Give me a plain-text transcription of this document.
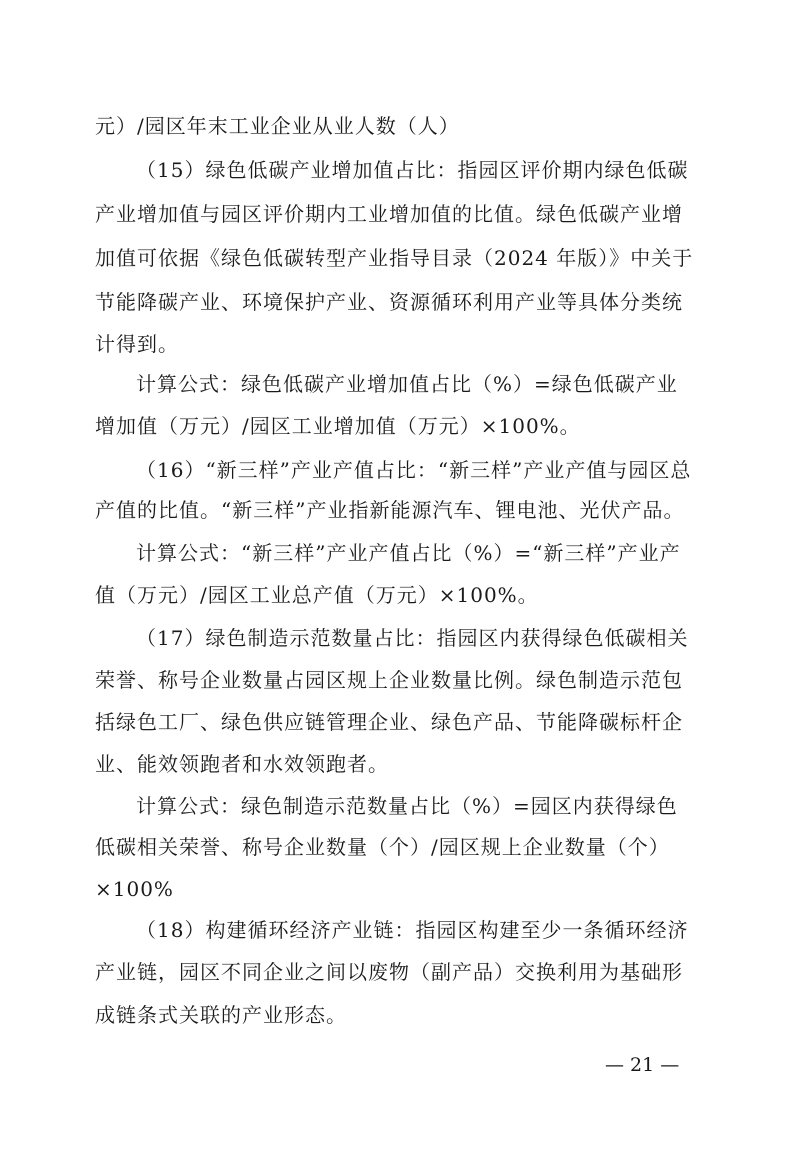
元）/园区年末工业企业从业人数（人）
（15）绿色低碳产业增加值占比：指园区评价期内绿色低碳
产业增加值与园区评价期内工业增加值的比值。绿色低碳产业增
加值可依据《绿色低碳转型产业指导目录（2024 年版）》中关于
节能降碳产业、环境保护产业、资源循环利用产业等具体分类统
计得到。
计算公式：绿色低碳产业增加值占比（%）=绿色低碳产业
增加值（万元）/园区工业增加值（万元）×100%。
（16）“新三样”产业产值占比：“新三样”产业产值与园区总
产值的比值。“新三样”产业指新能源汽车、锂电池、光伏产品。
计算公式：“新三样”产业产值占比（%）=“新三样”产业产
值（万元）/园区工业总产值（万元）×100%。
（17）绿色制造示范数量占比：指园区内获得绿色低碳相关
荣誉、称号企业数量占园区规上企业数量比例。绿色制造示范包
括绿色工厂、绿色供应链管理企业、绿色产品、节能降碳标杆企
业、能效领跑者和水效领跑者。
计算公式：绿色制造示范数量占比（%）=园区内获得绿色
低碳相关荣誉、称号企业数量（个）/园区规上企业数量（个）
×100%
（18）构建循环经济产业链：指园区构建至少一条循环经济
产业链，园区不同企业之间以废物（副产品）交换利用为基础形
成链条式关联的产业形态。
— 21 —
